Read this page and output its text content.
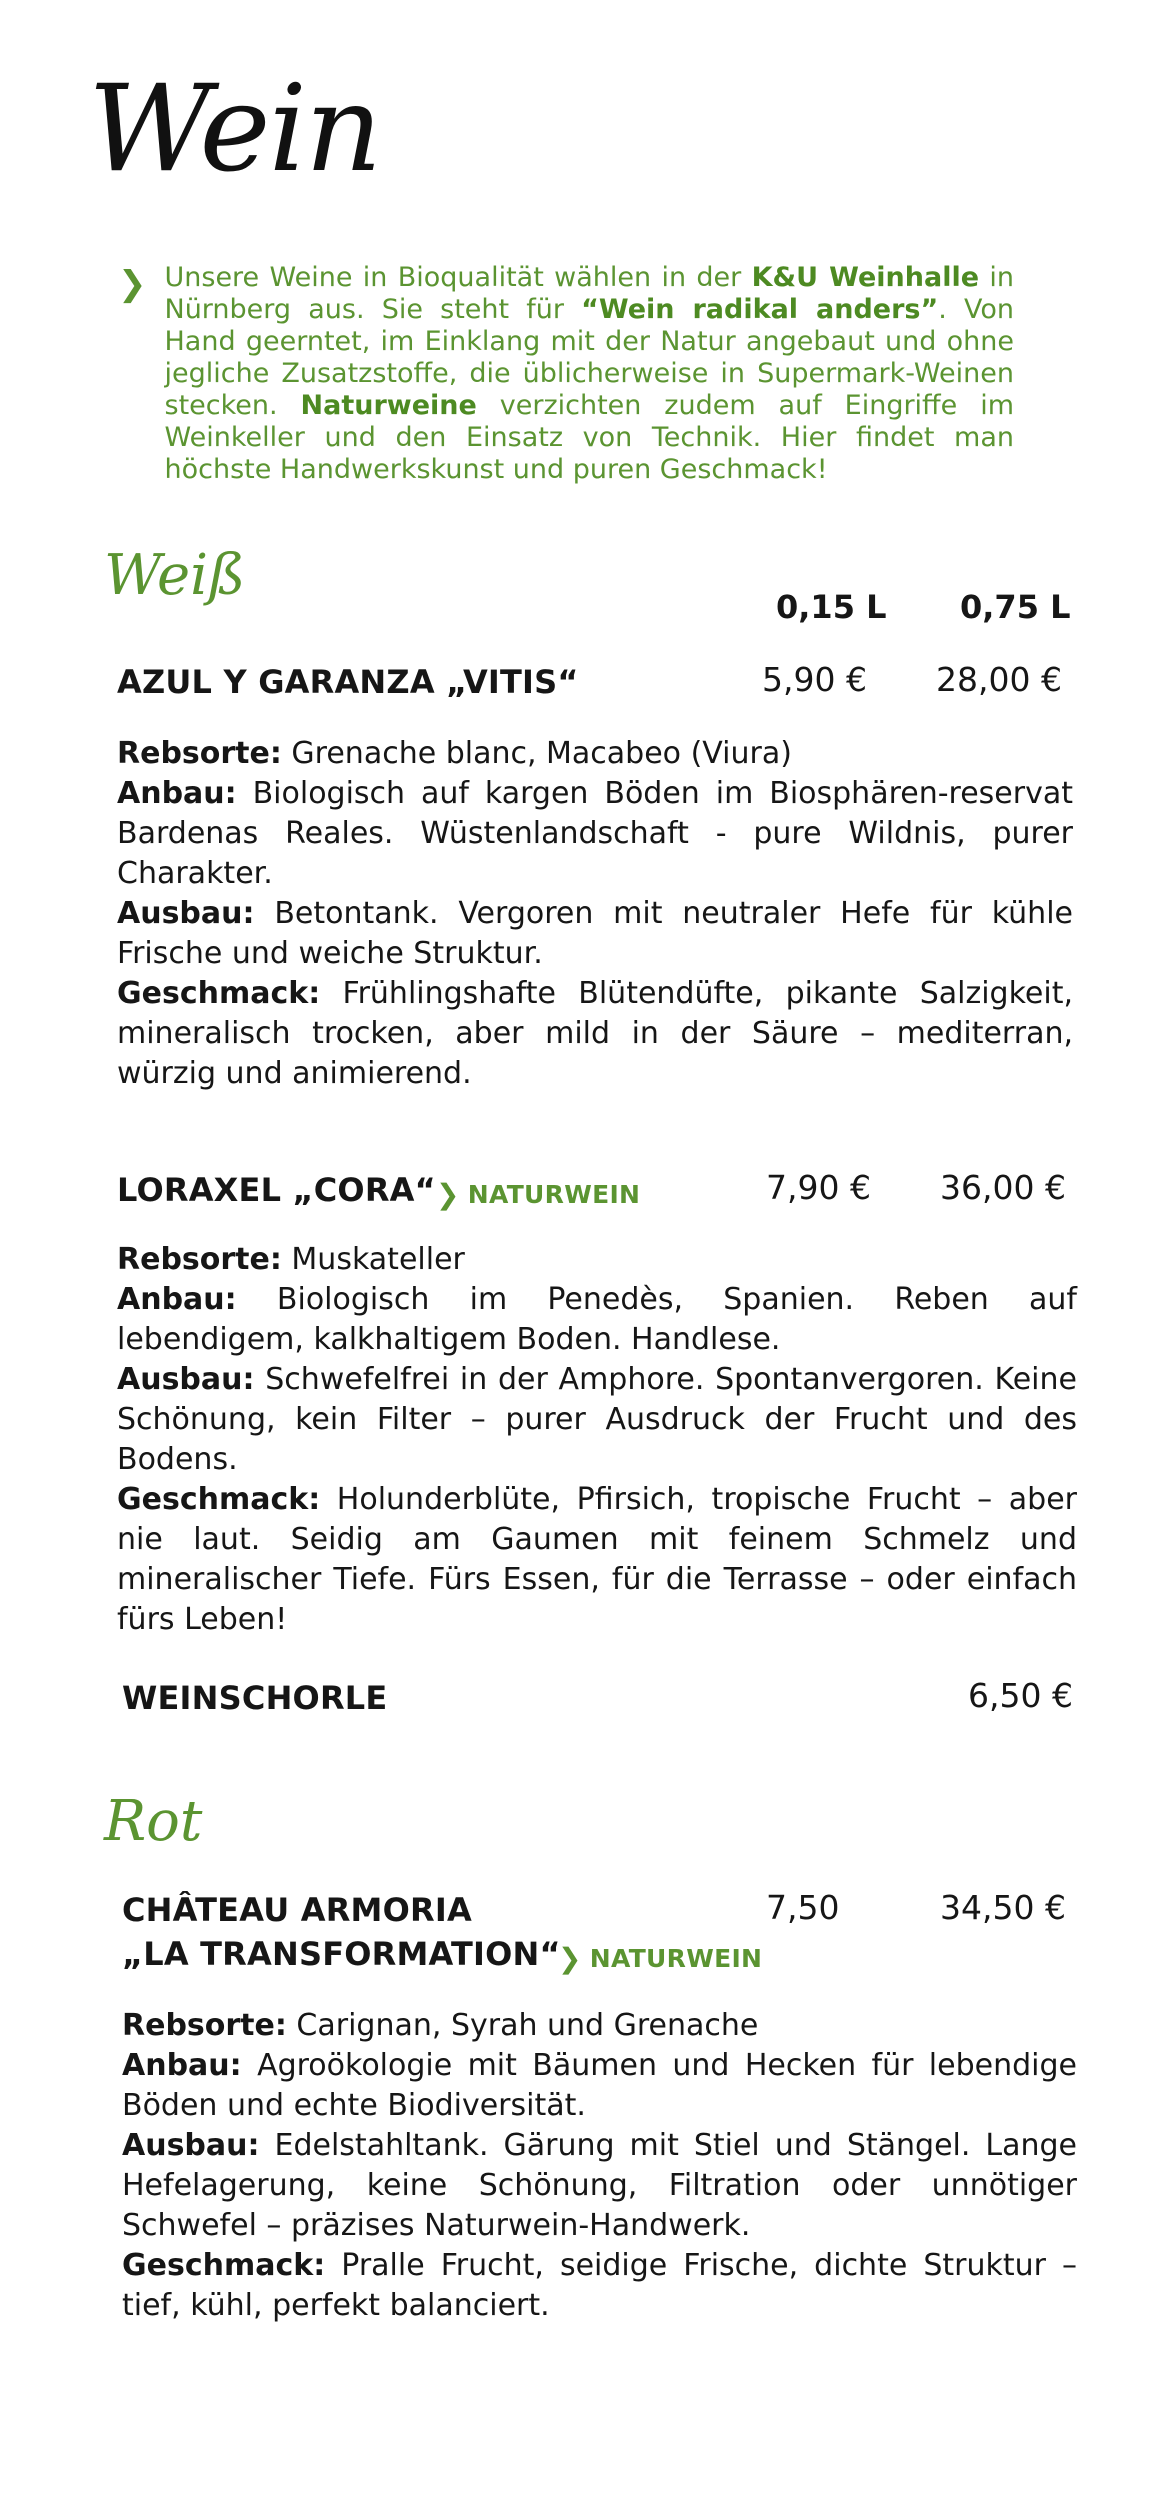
Wein
❯ Unsere Weine in Bioqualität wählen in der K&U Weinhalle in Nürnberg aus. Sie steht für “Wein radikal anders”. Von Hand geerntet, im Einklang mit der Natur angebaut und ohne jegliche Zusatzstoffe, die üblicherweise in Supermark-Weinen stecken. Naturweine verzichten zudem auf Eingriffe im Weinkeller und den Einsatz von Technik. Hier findet man höchste Handwerkskunst und puren Geschmack!

Weiß	0,15 L 0,75 L
AZUL Y GARANZA „VITIS“	5,90 € 28,00 €

Rebsorte: Grenache blanc, Macabeo (Viura)

Anbau: Biologisch auf kargen Böden im Biosphären-reservat Bardenas Reales. Wüstenlandschaft - pure Wildnis, purer Charakter.

Ausbau: Betontank. Vergoren mit neutraler Hefe für kühle Frische und weiche Struktur.

Geschmack: Frühlingshafte Blütendüfte, pikante Salzigkeit, mineralisch trocken, aber mild in der Säure – mediterran, würzig und animierend.

LORAXEL „CORA“ ❯ NATURWEIN	7,90 € 36,00 €

Rebsorte: Muskateller

Anbau: Biologisch im Penedès, Spanien. Reben auf lebendigem, kalkhaltigem Boden. Handlese.

Ausbau: Schwefelfrei in der Amphore. Spontanvergoren. Keine Schönung, kein Filter – purer Ausdruck der Frucht und des Bodens.

Geschmack: Holunderblüte, Pfirsich, tropische Frucht – aber nie laut. Seidig am Gaumen mit feinem Schmelz und mineralischer Tiefe. Fürs Essen, für die Terrasse – oder einfach fürs Leben!

WEINSCHORLE	6,50 €
Rot
CHÂTEAU ARMORIA
„LA TRANSFORMATION“
❯ NATURWEIN
7,50	34,50 €

Rebsorte: Carignan, Syrah und Grenache

Anbau: Agroökologie mit Bäumen und Hecken für lebendige Böden und echte Biodiversität.

Ausbau: Edelstahltank. Gärung mit Stiel und Stängel. Lange Hefelagerung, keine Schönung, Filtration oder unnötiger Schwefel – präzises Naturwein-Handwerk.

Geschmack: Pralle Frucht, seidige Frische, dichte Struktur – tief, kühl, perfekt balanciert.
